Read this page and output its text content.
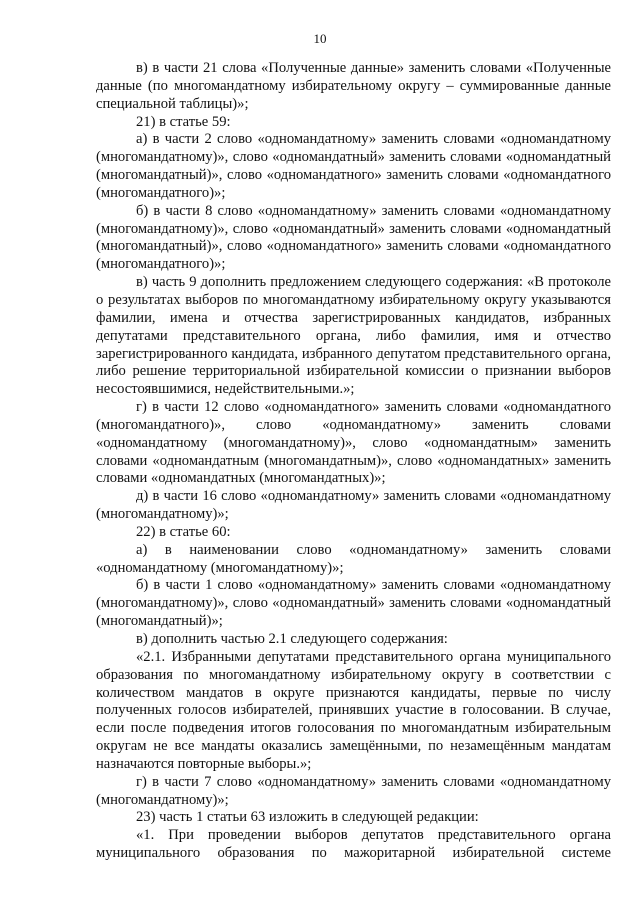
10

в) в части 21 слова «Полученные данные» заменить словами «Полученные данные (по многомандатному избирательному округу – суммированные данные специальной таблицы)»;

21) в статье 59:

а) в части 2 слово «одномандатному» заменить словами «одномандатному (многомандатному)», слово «одномандатный» заменить словами «одномандатный (многомандатный)», слово «одномандатного» заменить словами «одномандатного (многомандатного)»;

б) в части 8 слово «одномандатному» заменить словами «одномандатному (многомандатному)», слово «одномандатный» заменить словами «одномандатный (многомандатный)», слово «одномандатного» заменить словами «одномандатного (многомандатного)»;

в) часть 9 дополнить предложением следующего содержания: «В протоколе о результатах выборов по многомандатному избирательному округу указываются фамилии, имена и отчества зарегистрированных кандидатов, избранных депутатами представительного органа, либо фамилия, имя и отчество зарегистрированного кандидата, избранного депутатом представительного органа, либо решение территориальной избирательной комиссии о признании выборов несостоявшимися, недействительными.»;

г) в части 12 слово «одномандатного» заменить словами «одномандатного (многомандатного)», слово «одномандатному» заменить словами «одномандатному (многомандатному)», слово «одномандатным» заменить словами «одномандатным (многомандатным)», слово «одномандатных» заменить словами «одномандатных (многомандатных)»;

д) в части 16 слово «одномандатному» заменить словами «одномандатному (многомандатному)»;

22) в статье 60:

а) в наименовании слово «одномандатному» заменить словами «одномандатному (многомандатному)»;

б) в части 1 слово «одномандатному» заменить словами «одномандатному (многомандатному)», слово «одномандатный» заменить словами «одномандатный (многомандатный)»;

в) дополнить частью 2.1 следующего содержания:

«2.1. Избранными депутатами представительного органа муниципального образования по многомандатному избирательному округу в соответствии с количеством мандатов в округе признаются кандидаты, первые по числу полученных голосов избирателей, принявших участие в голосовании. В случае, если после подведения итогов голосования по многомандатным избирательным округам не все мандаты оказались замещёнными, по незамещённым мандатам назначаются повторные выборы.»;

г) в части 7 слово «одномандатному» заменить словами «одномандатному (многомандатному)»;

23) часть 1 статьи 63 изложить в следующей редакции:

«1. При проведении выборов депутатов представительного органа муниципального образования по мажоритарной избирательной системе
